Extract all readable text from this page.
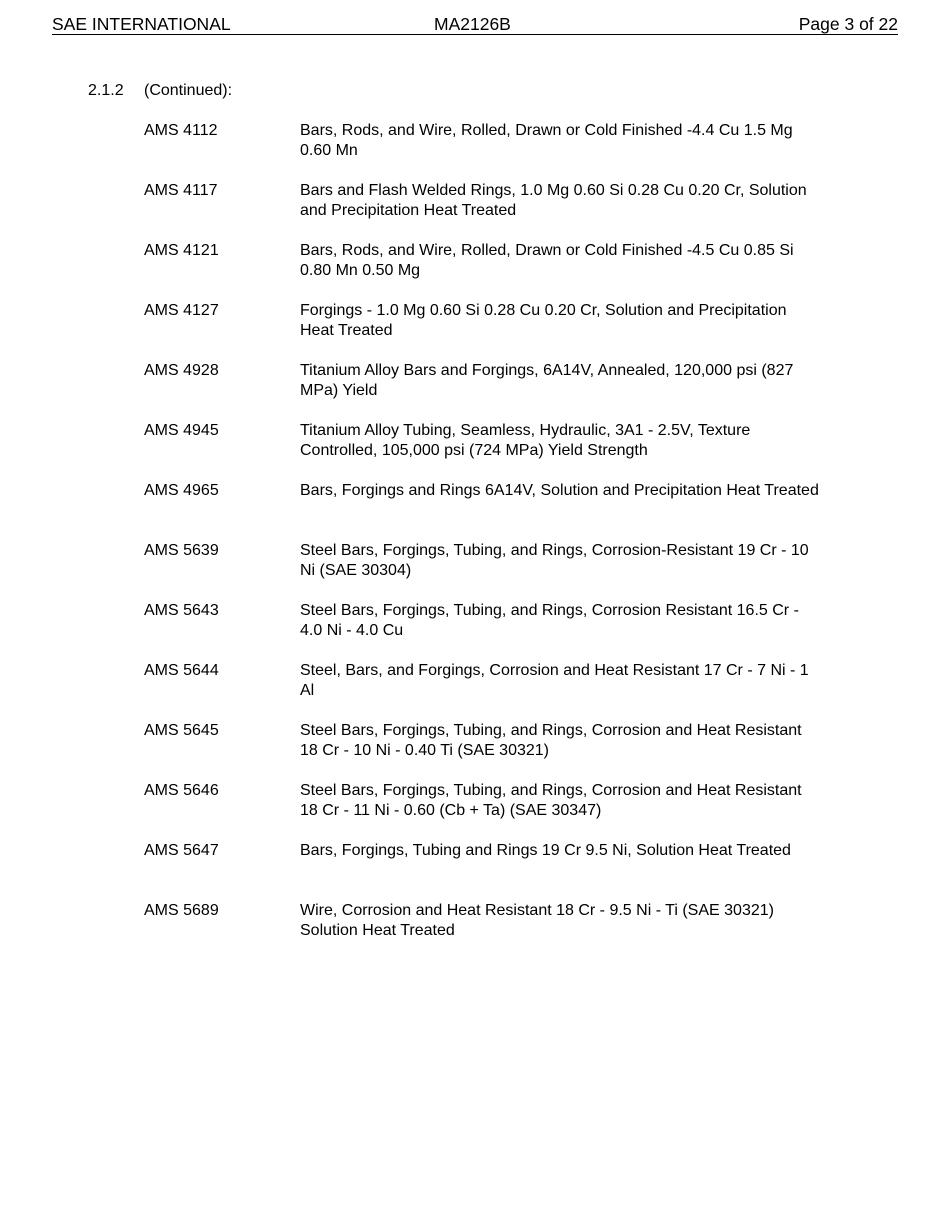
SAE INTERNATIONAL	MA2126B	Page 3 of 22
2.1.2 (Continued):
AMS 4112	Bars, Rods, and Wire, Rolled, Drawn or Cold Finished -4.4 Cu 1.5 Mg 0.60 Mn
AMS 4117	Bars and Flash Welded Rings, 1.0 Mg 0.60 Si 0.28 Cu 0.20 Cr, Solution and Precipitation Heat Treated
AMS 4121	Bars, Rods, and Wire, Rolled, Drawn or Cold Finished -4.5 Cu 0.85 Si 0.80 Mn 0.50 Mg
AMS 4127	Forgings - 1.0 Mg 0.60 Si 0.28 Cu 0.20 Cr, Solution and Precipitation Heat Treated
AMS 4928	Titanium Alloy Bars and Forgings, 6A14V, Annealed, 120,000 psi (827 MPa) Yield
AMS 4945	Titanium Alloy Tubing, Seamless, Hydraulic, 3A1 - 2.5V, Texture Controlled, 105,000 psi (724 MPa) Yield Strength
AMS 4965	Bars, Forgings and Rings 6A14V, Solution and Precipitation Heat Treated
AMS 5639	Steel Bars, Forgings, Tubing, and Rings, Corrosion-Resistant 19 Cr - 10 Ni (SAE 30304)
AMS 5643	Steel Bars, Forgings, Tubing, and Rings, Corrosion Resistant 16.5 Cr - 4.0 Ni - 4.0 Cu
AMS 5644	Steel, Bars, and Forgings, Corrosion and Heat Resistant 17 Cr - 7 Ni - 1 Al
AMS 5645	Steel Bars, Forgings, Tubing, and Rings, Corrosion and Heat Resistant 18 Cr - 10 Ni - 0.40 Ti (SAE 30321)
AMS 5646	Steel Bars, Forgings, Tubing, and Rings, Corrosion and Heat Resistant 18 Cr - 11 Ni - 0.60 (Cb + Ta) (SAE 30347)
AMS 5647	Bars, Forgings, Tubing and Rings 19 Cr 9.5 Ni, Solution Heat Treated
AMS 5689	Wire, Corrosion and Heat Resistant 18 Cr - 9.5 Ni - Ti (SAE 30321) Solution Heat Treated
